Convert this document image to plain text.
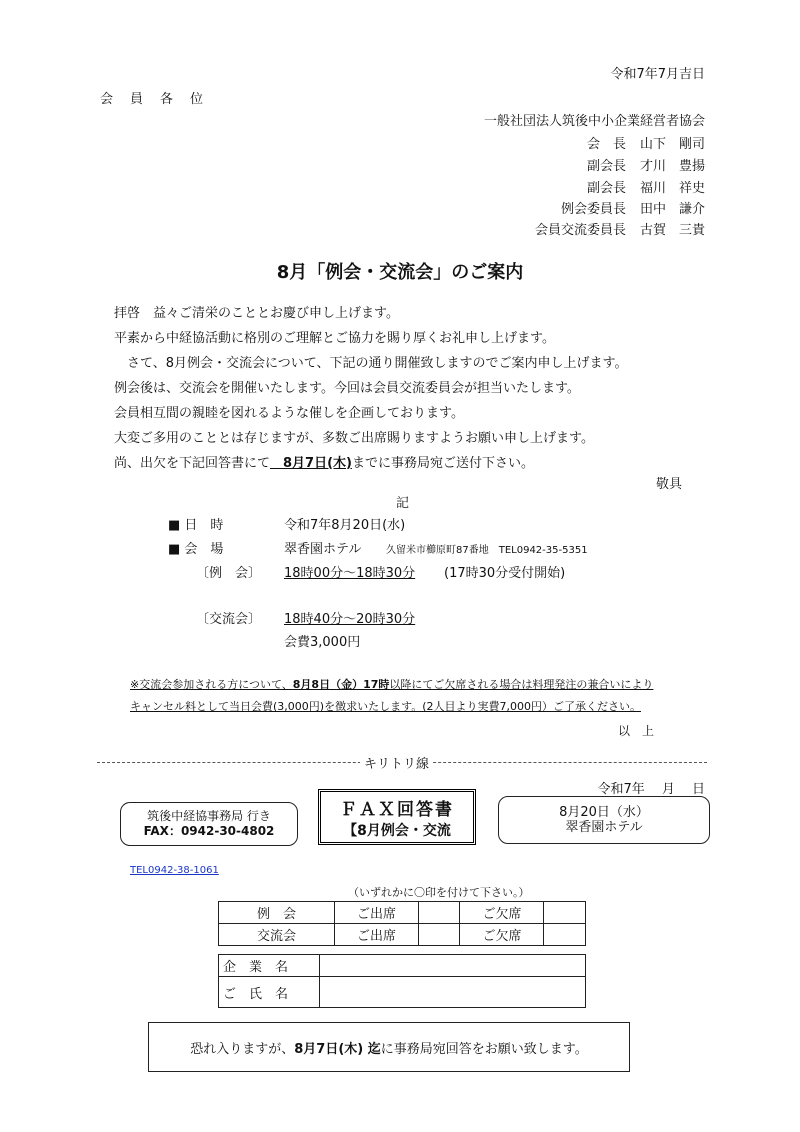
令和7年7月吉日
会　員　各　位
一般社団法人筑後中小企業経営者協会
会　長 山下　剛司
副会長 才川　豊揚
副会長 福川　祥史
例会委員長 田中　謙介
会員交流委員長 古賀　三貴
8月「例会・交流会」のご案内
拝啓　益々ご清栄のこととお慶び申し上げます。
平素から中経協活動に格別のご理解とご協力を賜り厚くお礼申し上げます。
　さて、8月例会・交流会について、下記の通り開催致しますのでご案内申し上げます。
例会後は、交流会を開催いたします。今回は会員交流委員会が担当いたします。
会員相互間の親睦を図れるような催しを企画しております。
大変ご多用のこととは存じますが、多数ご出席賜りますようお願い申し上げます。
尚、出欠を下記回答書にて　8月7日(木)までに事務局宛ご送付下さい。
敬具
記
■ 日　時	令和7年8月20日(水)
■ 会　場	翠香園ホテル 久留米市櫛原町87番地　TEL0942-35-5351
〔例　会〕 18時00分～18時30分 (17時30分受付開始)
〔交流会〕 18時40分～20時30分
会費3,000円
※交流会参加される方について、8月8日（金）17時以降にてご欠席される場合は料理発注の兼合いにより
キャンセル料として当日会費(3,000円)を徴求いたします。(2人目より実費7,000円）ご了承ください。
以　上
キリトリ線
令和7年　 月　 日
筑後中経協事務局 行き
FAX：0942-30-4802
ＦＡＸ回答書
【8月例会・交流
8月20日（水）
翠香園ホテル
TEL0942-38-1061
（いずれかに〇印を付けて下さい。）
例　会	ご出席		ご欠席	
交流会	ご出席		ご欠席	
企　業　名	
ご　氏　名	
恐れ入りますが、 8月7日(木) 迄 に事務局宛回答をお願い致します。
